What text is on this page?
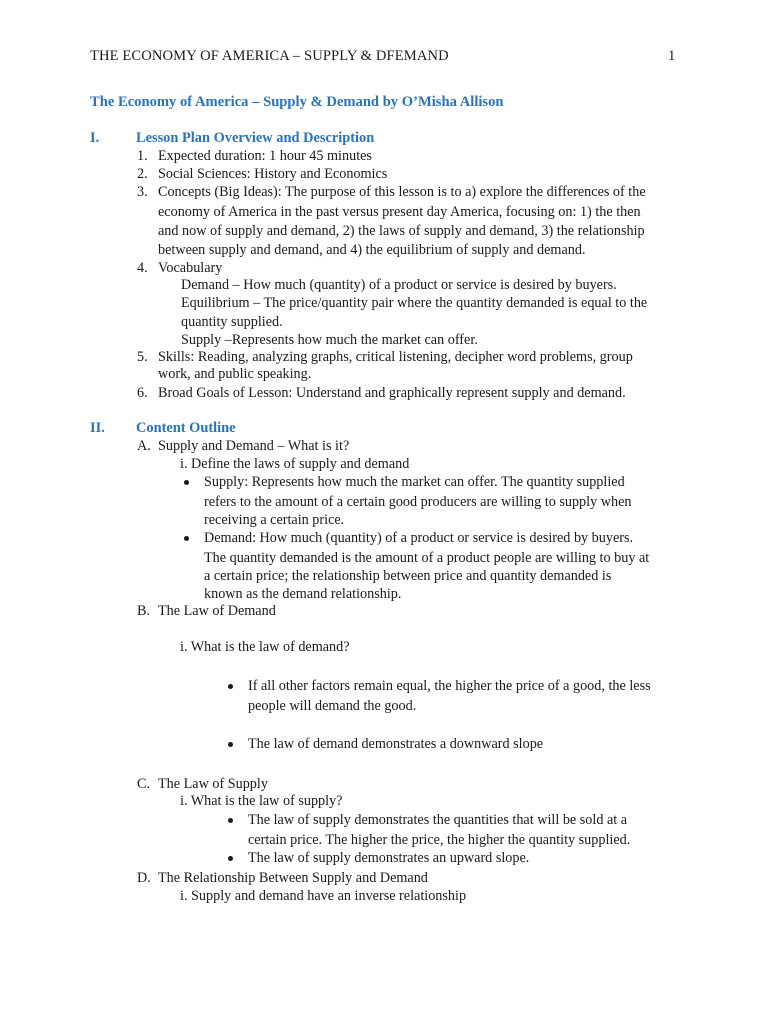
THE ECONOMY OF AMERICA – SUPPLY & DFEMAND	1
The Economy of America – Supply & Demand by O’Misha Allison
I.	Lesson Plan Overview and Description
1. Expected duration: 1 hour 45 minutes
2. Social Sciences: History and Economics
3. Concepts (Big Ideas): The purpose of this lesson is to a) explore the differences of the
economy of America in the past versus present day America, focusing on: 1) the then
and now of supply and demand, 2) the laws of supply and demand, 3) the relationship
between supply and demand, and 4) the equilibrium of supply and demand.
4. Vocabulary
Demand – How much (quantity) of a product or service is desired by buyers.
Equilibrium – The price/quantity pair where the quantity demanded is equal to the
quantity supplied.
Supply –Represents how much the market can offer.
5. Skills: Reading, analyzing graphs, critical listening, decipher word problems, group
work, and public speaking.
6. Broad Goals of Lesson: Understand and graphically represent supply and demand.
II. Content Outline
A. Supply and Demand – What is it?
i. Define the laws of supply and demand
Supply: Represents how much the market can offer. The quantity supplied
refers to the amount of a certain good producers are willing to supply when
receiving a certain price.
Demand: How much (quantity) of a product or service is desired by buyers.
The quantity demanded is the amount of a product people are willing to buy at
a certain price; the relationship between price and quantity demanded is
known as the demand relationship.
B. The Law of Demand
i. What is the law of demand?
If all other factors remain equal, the higher the price of a good, the less
people will demand the good.
The law of demand demonstrates a downward slope
C. The Law of Supply
i. What is the law of supply?
The law of supply demonstrates the quantities that will be sold at a
certain price. The higher the price, the higher the quantity supplied.
The law of supply demonstrates an upward slope.
D. The Relationship Between Supply and Demand
i. Supply and demand have an inverse relationship
